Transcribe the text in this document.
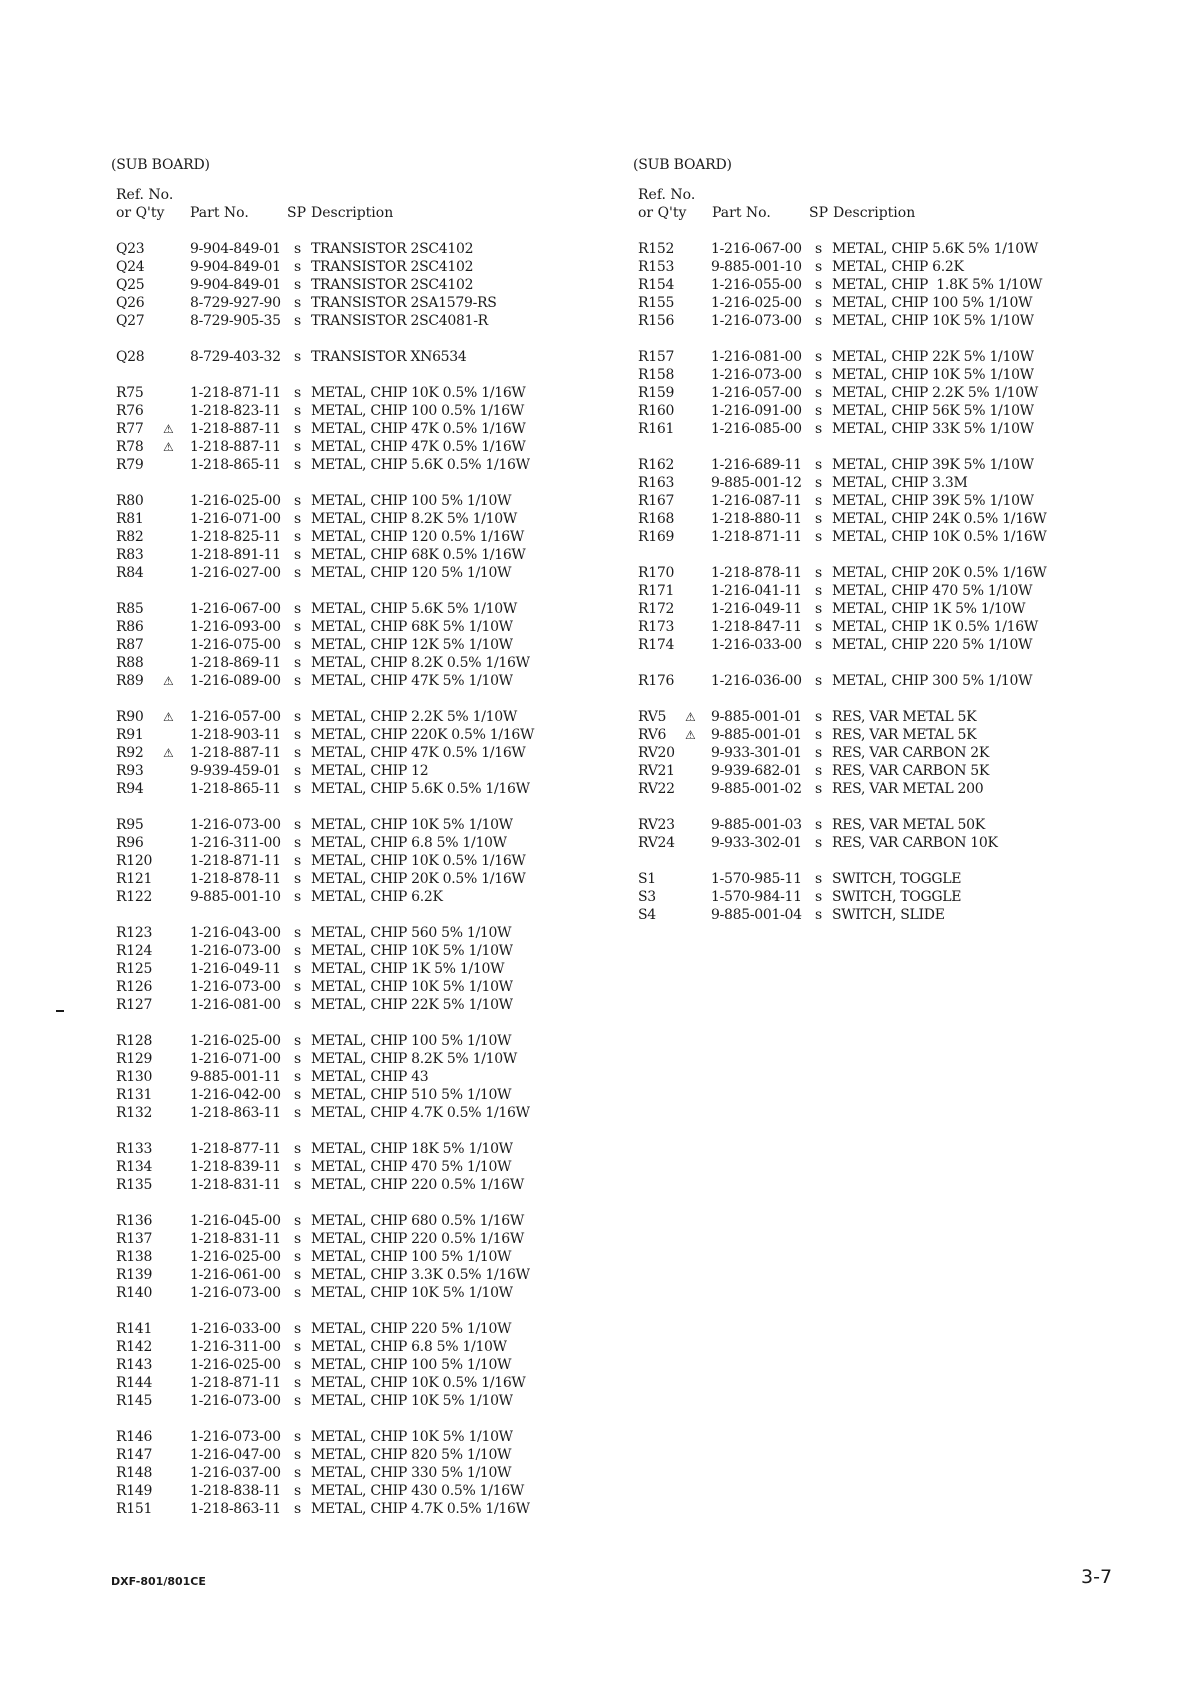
(SUB BOARD)
Ref. No.
or Q'ty Part No.	SP Description
Q23	9-904-849-01 s TRANSISTOR 2SC4102
Q24	9-904-849-01 s TRANSISTOR 2SC4102
Q25	9-904-849-01 s TRANSISTOR 2SC4102
Q26	8-729-927-90 s TRANSISTOR 2SA1579-RS
Q27	8-729-905-35 s TRANSISTOR 2SC4081-R
Q28	8-729-403-32 s TRANSISTOR XN6534
R75	1-218-871-11 s METAL, CHIP 10K 0.5% 1/16W
R76	1-218-823-11 s METAL, CHIP 100 0.5% 1/16W
R77 ⚠ 1-218-887-11 s METAL, CHIP 47K 0.5% 1/16W
R78 ⚠ 1-218-887-11 s METAL, CHIP 47K 0.5% 1/16W
R79	1-218-865-11 s METAL, CHIP 5.6K 0.5% 1/16W
R80	1-216-025-00 s METAL, CHIP 100 5% 1/10W
R81	1-216-071-00 s METAL, CHIP 8.2K 5% 1/10W
R82	1-218-825-11 s METAL, CHIP 120 0.5% 1/16W
R83	1-218-891-11 s METAL, CHIP 68K 0.5% 1/16W
R84	1-216-027-00 s METAL, CHIP 120 5% 1/10W
R85	1-216-067-00 s METAL, CHIP 5.6K 5% 1/10W
R86	1-216-093-00 s METAL, CHIP 68K 5% 1/10W
R87	1-216-075-00 s METAL, CHIP 12K 5% 1/10W
R88	1-218-869-11 s METAL, CHIP 8.2K 0.5% 1/16W
R89 ⚠ 1-216-089-00 s METAL, CHIP 47K 5% 1/10W
R90 ⚠ 1-216-057-00 s METAL, CHIP 2.2K 5% 1/10W
R91	1-218-903-11 s METAL, CHIP 220K 0.5% 1/16W
R92 ⚠ 1-218-887-11 s METAL, CHIP 47K 0.5% 1/16W
R93	9-939-459-01 s METAL, CHIP 12
R94	1-218-865-11 s METAL, CHIP 5.6K 0.5% 1/16W
R95	1-216-073-00 s METAL, CHIP 10K 5% 1/10W
R96	1-216-311-00 s METAL, CHIP 6.8 5% 1/10W
R120	1-218-871-11 s METAL, CHIP 10K 0.5% 1/16W
R121	1-218-878-11 s METAL, CHIP 20K 0.5% 1/16W
R122	9-885-001-10 s METAL, CHIP 6.2K
R123	1-216-043-00 s METAL, CHIP 560 5% 1/10W
R124	1-216-073-00 s METAL, CHIP 10K 5% 1/10W
R125	1-216-049-11 s METAL, CHIP 1K 5% 1/10W
R126	1-216-073-00 s METAL, CHIP 10K 5% 1/10W
R127	1-216-081-00 s METAL, CHIP 22K 5% 1/10W
R128	1-216-025-00 s METAL, CHIP 100 5% 1/10W
R129	1-216-071-00 s METAL, CHIP 8.2K 5% 1/10W
R130	9-885-001-11 s METAL, CHIP 43
R131	1-216-042-00 s METAL, CHIP 510 5% 1/10W
R132	1-218-863-11 s METAL, CHIP 4.7K 0.5% 1/16W
R133	1-218-877-11 s METAL, CHIP 18K 5% 1/10W
R134	1-218-839-11 s METAL, CHIP 470 5% 1/10W
R135	1-218-831-11 s METAL, CHIP 220 0.5% 1/16W
R136	1-216-045-00 s METAL, CHIP 680 0.5% 1/16W
R137	1-218-831-11 s METAL, CHIP 220 0.5% 1/16W
R138	1-216-025-00 s METAL, CHIP 100 5% 1/10W
R139	1-216-061-00 s METAL, CHIP 3.3K 0.5% 1/16W
R140	1-216-073-00 s METAL, CHIP 10K 5% 1/10W
R141	1-216-033-00 s METAL, CHIP 220 5% 1/10W
R142	1-216-311-00 s METAL, CHIP 6.8 5% 1/10W
R143	1-216-025-00 s METAL, CHIP 100 5% 1/10W
R144	1-218-871-11 s METAL, CHIP 10K 0.5% 1/16W
R145	1-216-073-00 s METAL, CHIP 10K 5% 1/10W
R146	1-216-073-00 s METAL, CHIP 10K 5% 1/10W
R147	1-216-047-00 s METAL, CHIP 820 5% 1/10W
R148	1-216-037-00 s METAL, CHIP 330 5% 1/10W
R149	1-218-838-11 s METAL, CHIP 430 0.5% 1/16W
R151	1-218-863-11 s METAL, CHIP 4.7K 0.5% 1/16W
(SUB BOARD)
Ref. No.
or Q'ty Part No.	SP Description
R152	1-216-067-00 s METAL, CHIP 5.6K 5% 1/10W
R153	9-885-001-10 s METAL, CHIP 6.2K
R154	1-216-055-00 s METAL, CHIP  1.8K 5% 1/10W
R155	1-216-025-00 s METAL, CHIP 100 5% 1/10W
R156	1-216-073-00 s METAL, CHIP 10K 5% 1/10W
R157	1-216-081-00 s METAL, CHIP 22K 5% 1/10W
R158	1-216-073-00 s METAL, CHIP 10K 5% 1/10W
R159	1-216-057-00 s METAL, CHIP 2.2K 5% 1/10W
R160	1-216-091-00 s METAL, CHIP 56K 5% 1/10W
R161	1-216-085-00 s METAL, CHIP 33K 5% 1/10W
R162	1-216-689-11 s METAL, CHIP 39K 5% 1/10W
R163	9-885-001-12 s METAL, CHIP 3.3M
R167	1-216-087-11 s METAL, CHIP 39K 5% 1/10W
R168	1-218-880-11 s METAL, CHIP 24K 0.5% 1/16W
R169	1-218-871-11 s METAL, CHIP 10K 0.5% 1/16W
R170	1-218-878-11 s METAL, CHIP 20K 0.5% 1/16W
R171	1-216-041-11 s METAL, CHIP 470 5% 1/10W
R172	1-216-049-11 s METAL, CHIP 1K 5% 1/10W
R173	1-218-847-11 s METAL, CHIP 1K 0.5% 1/16W
R174	1-216-033-00 s METAL, CHIP 220 5% 1/10W
R176	1-216-036-00 s METAL, CHIP 300 5% 1/10W
RV5 ⚠ 9-885-001-01 s RES, VAR METAL 5K
RV6 ⚠ 9-885-001-01 s RES, VAR METAL 5K
RV20	9-933-301-01 s RES, VAR CARBON 2K
RV21	9-939-682-01 s RES, VAR CARBON 5K
RV22	9-885-001-02 s RES, VAR METAL 200
RV23	9-885-001-03 s RES, VAR METAL 50K
RV24	9-933-302-01 s RES, VAR CARBON 10K
S1	1-570-985-11 s SWITCH, TOGGLE
S3	1-570-984-11 s SWITCH, TOGGLE
S4	9-885-001-04 s SWITCH, SLIDE
DXF-801/801CE	3-7
